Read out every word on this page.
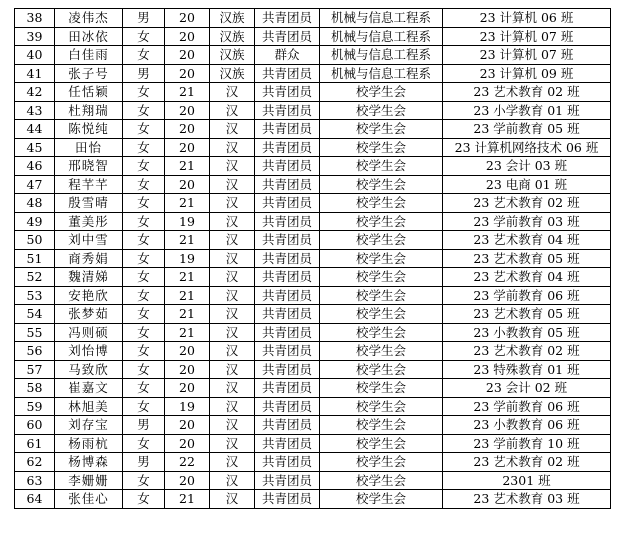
38	凌伟杰	男	20	汉族	共青团员	机械与信息工程系	23 计算机 06 班
39	田冰依	女	20	汉族	共青团员	机械与信息工程系	23 计算机 07 班
40	白佳雨	女	20	汉族	群众	机械与信息工程系	23 计算机 07 班
41	张子号	男	20	汉族	共青团员	机械与信息工程系	23 计算机 09 班
42	任恬颖	女	21	汉	共青团员	校学生会	23 艺术教育 02 班
43	杜翔瑞	女	20	汉	共青团员	校学生会	23 小学教育 01 班
44	陈悦纯	女	20	汉	共青团员	校学生会	23 学前教育 05 班
45	田怡	女	20	汉	共青团员	校学生会	23 计算机网络技术 06 班
46	邢晓智	女	21	汉	共青团员	校学生会	23 会计 03 班
47	程芊芊	女	20	汉	共青团员	校学生会	23 电商 01 班
48	殷雪晴	女	21	汉	共青团员	校学生会	23 艺术教育 02 班
49	董美彤	女	19	汉	共青团员	校学生会	23 学前教育 03 班
50	刘中雪	女	21	汉	共青团员	校学生会	23 艺术教育 04 班
51	商秀娟	女	19	汉	共青团员	校学生会	23 艺术教育 05 班
52	魏清娣	女	21	汉	共青团员	校学生会	23 艺术教育 04 班
53	安艳欣	女	21	汉	共青团员	校学生会	23 学前教育 06 班
54	张梦茹	女	21	汉	共青团员	校学生会	23 艺术教育 05 班
55	冯则硕	女	21	汉	共青团员	校学生会	23 小教教育 05 班
56	刘怡博	女	20	汉	共青团员	校学生会	23 艺术教育 02 班
57	马致欣	女	20	汉	共青团员	校学生会	23 特殊教育 01 班
58	崔嘉文	女	20	汉	共青团员	校学生会	23 会计 02 班
59	林旭美	女	19	汉	共青团员	校学生会	23 学前教育 06 班
60	刘存宝	男	20	汉	共青团员	校学生会	23 小教教育 06 班
61	杨雨杭	女	20	汉	共青团员	校学生会	23 学前教育 10 班
62	杨博森	男	22	汉	共青团员	校学生会	23 艺术教育 02 班
63	李姗姗	女	20	汉	共青团员	校学生会	2301 班
64	张佳心	女	21	汉	共青团员	校学生会	23 艺术教育 03 班
